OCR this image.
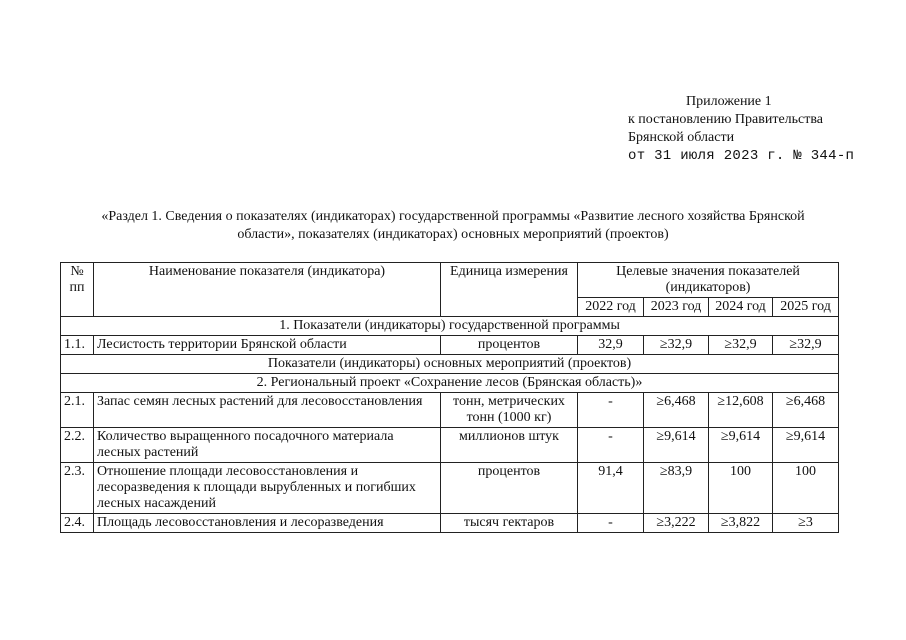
Приложение 1
к постановлению Правительства
Брянской области
от 31 июля 2023 г. № 344-п
«Раздел 1. Сведения о показателях (индикаторах) государственной программы «Развитие лесного хозяйства Брянской
области», показателях (индикаторах) основных мероприятий (проектов)
№ пп	Наименование показателя (индикатора)	Единица измерения	Целевые значения показателей (индикаторов)			
			2022 год	2023 год	2024 год	2025 год
1. Показатели (индикаторы) государственной программы						
1.1.	Лесистость территории Брянской области	процентов	32,9	≥32,9	≥32,9	≥32,9
Показатели (индикаторы) основных мероприятий (проектов)						
2. Региональный проект «Сохранение лесов (Брянская область)»						
2.1.	Запас семян лесных растений для лесовосстановления	тонн, метрических тонн (1000 кг)	-	≥6,468	≥12,608	≥6,468
2.2.	Количество выращенного посадочного материала лесных растений	миллионов штук	-	≥9,614	≥9,614	≥9,614
2.3.	Отношение площади лесовосстановления и лесоразведения к площади вырубленных и погибших лесных насаждений	процентов	91,4	≥83,9	100	100
2.4.	Площадь лесовосстановления и лесоразведения	тысяч гектаров	-	≥3,222	≥3,822	≥3
